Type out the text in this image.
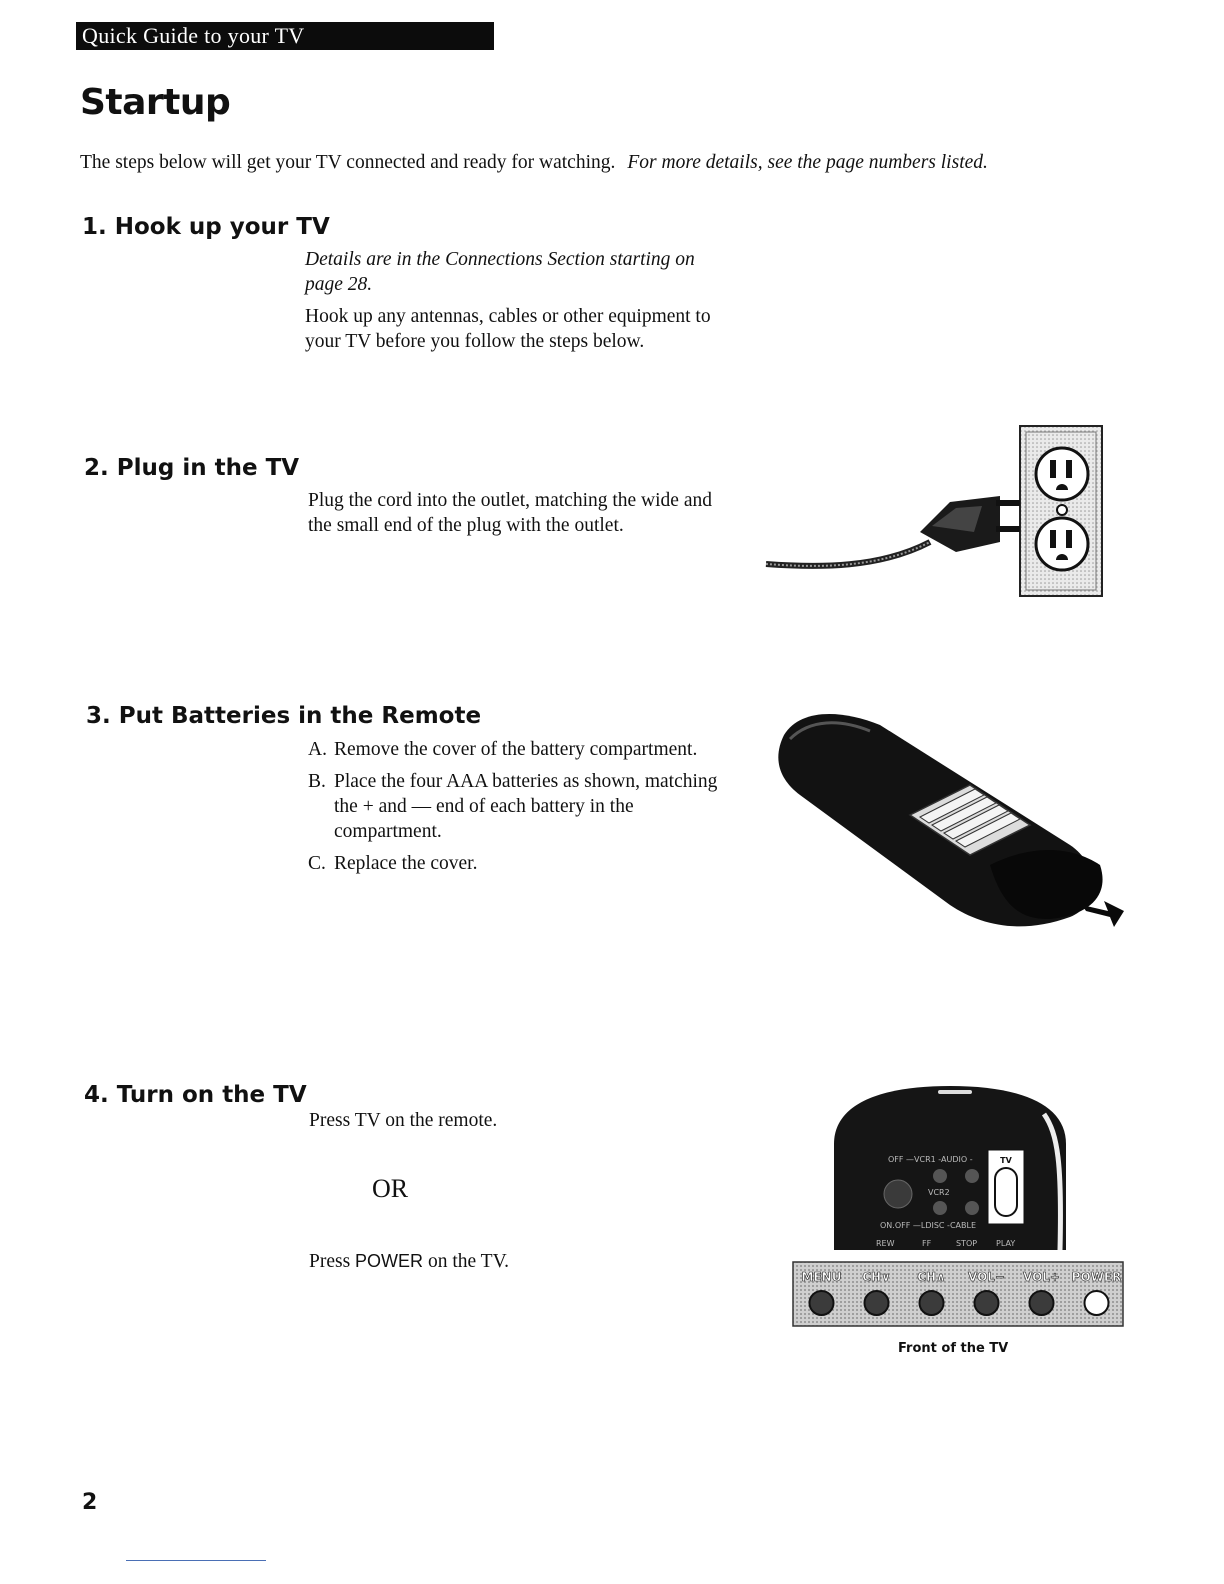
Quick Guide to your TV
Startup
The steps below will get your TV connected and ready for watching. For more details, see the page numbers listed.
1. Hook up your TV

Details are in the Connections Section starting on page 28.

Hook up any antennas, cables or other equipment to your TV before you follow the steps below.

2. Plug in the TV

Plug the cord into the outlet, matching the wide and the small end of the plug with the outlet.

3. Put Batteries in the Remote
A. Remove the cover of the battery compartment.
B. Place the four AAA batteries as shown, matching the + and — end of each battery in the compartment.
C. Replace the cover.
4. Turn on the TV
Press TV on the remote.
OR
Press POWER on the TV.
OFF —VCR1 -AUDIO -
VCR2
ON.OFF —LDISC -CABLE
REW	FF	STOP PLAY
TV
MENU CH∨ CH∧ VOL− VOL+ POWER
Front of the TV
2
